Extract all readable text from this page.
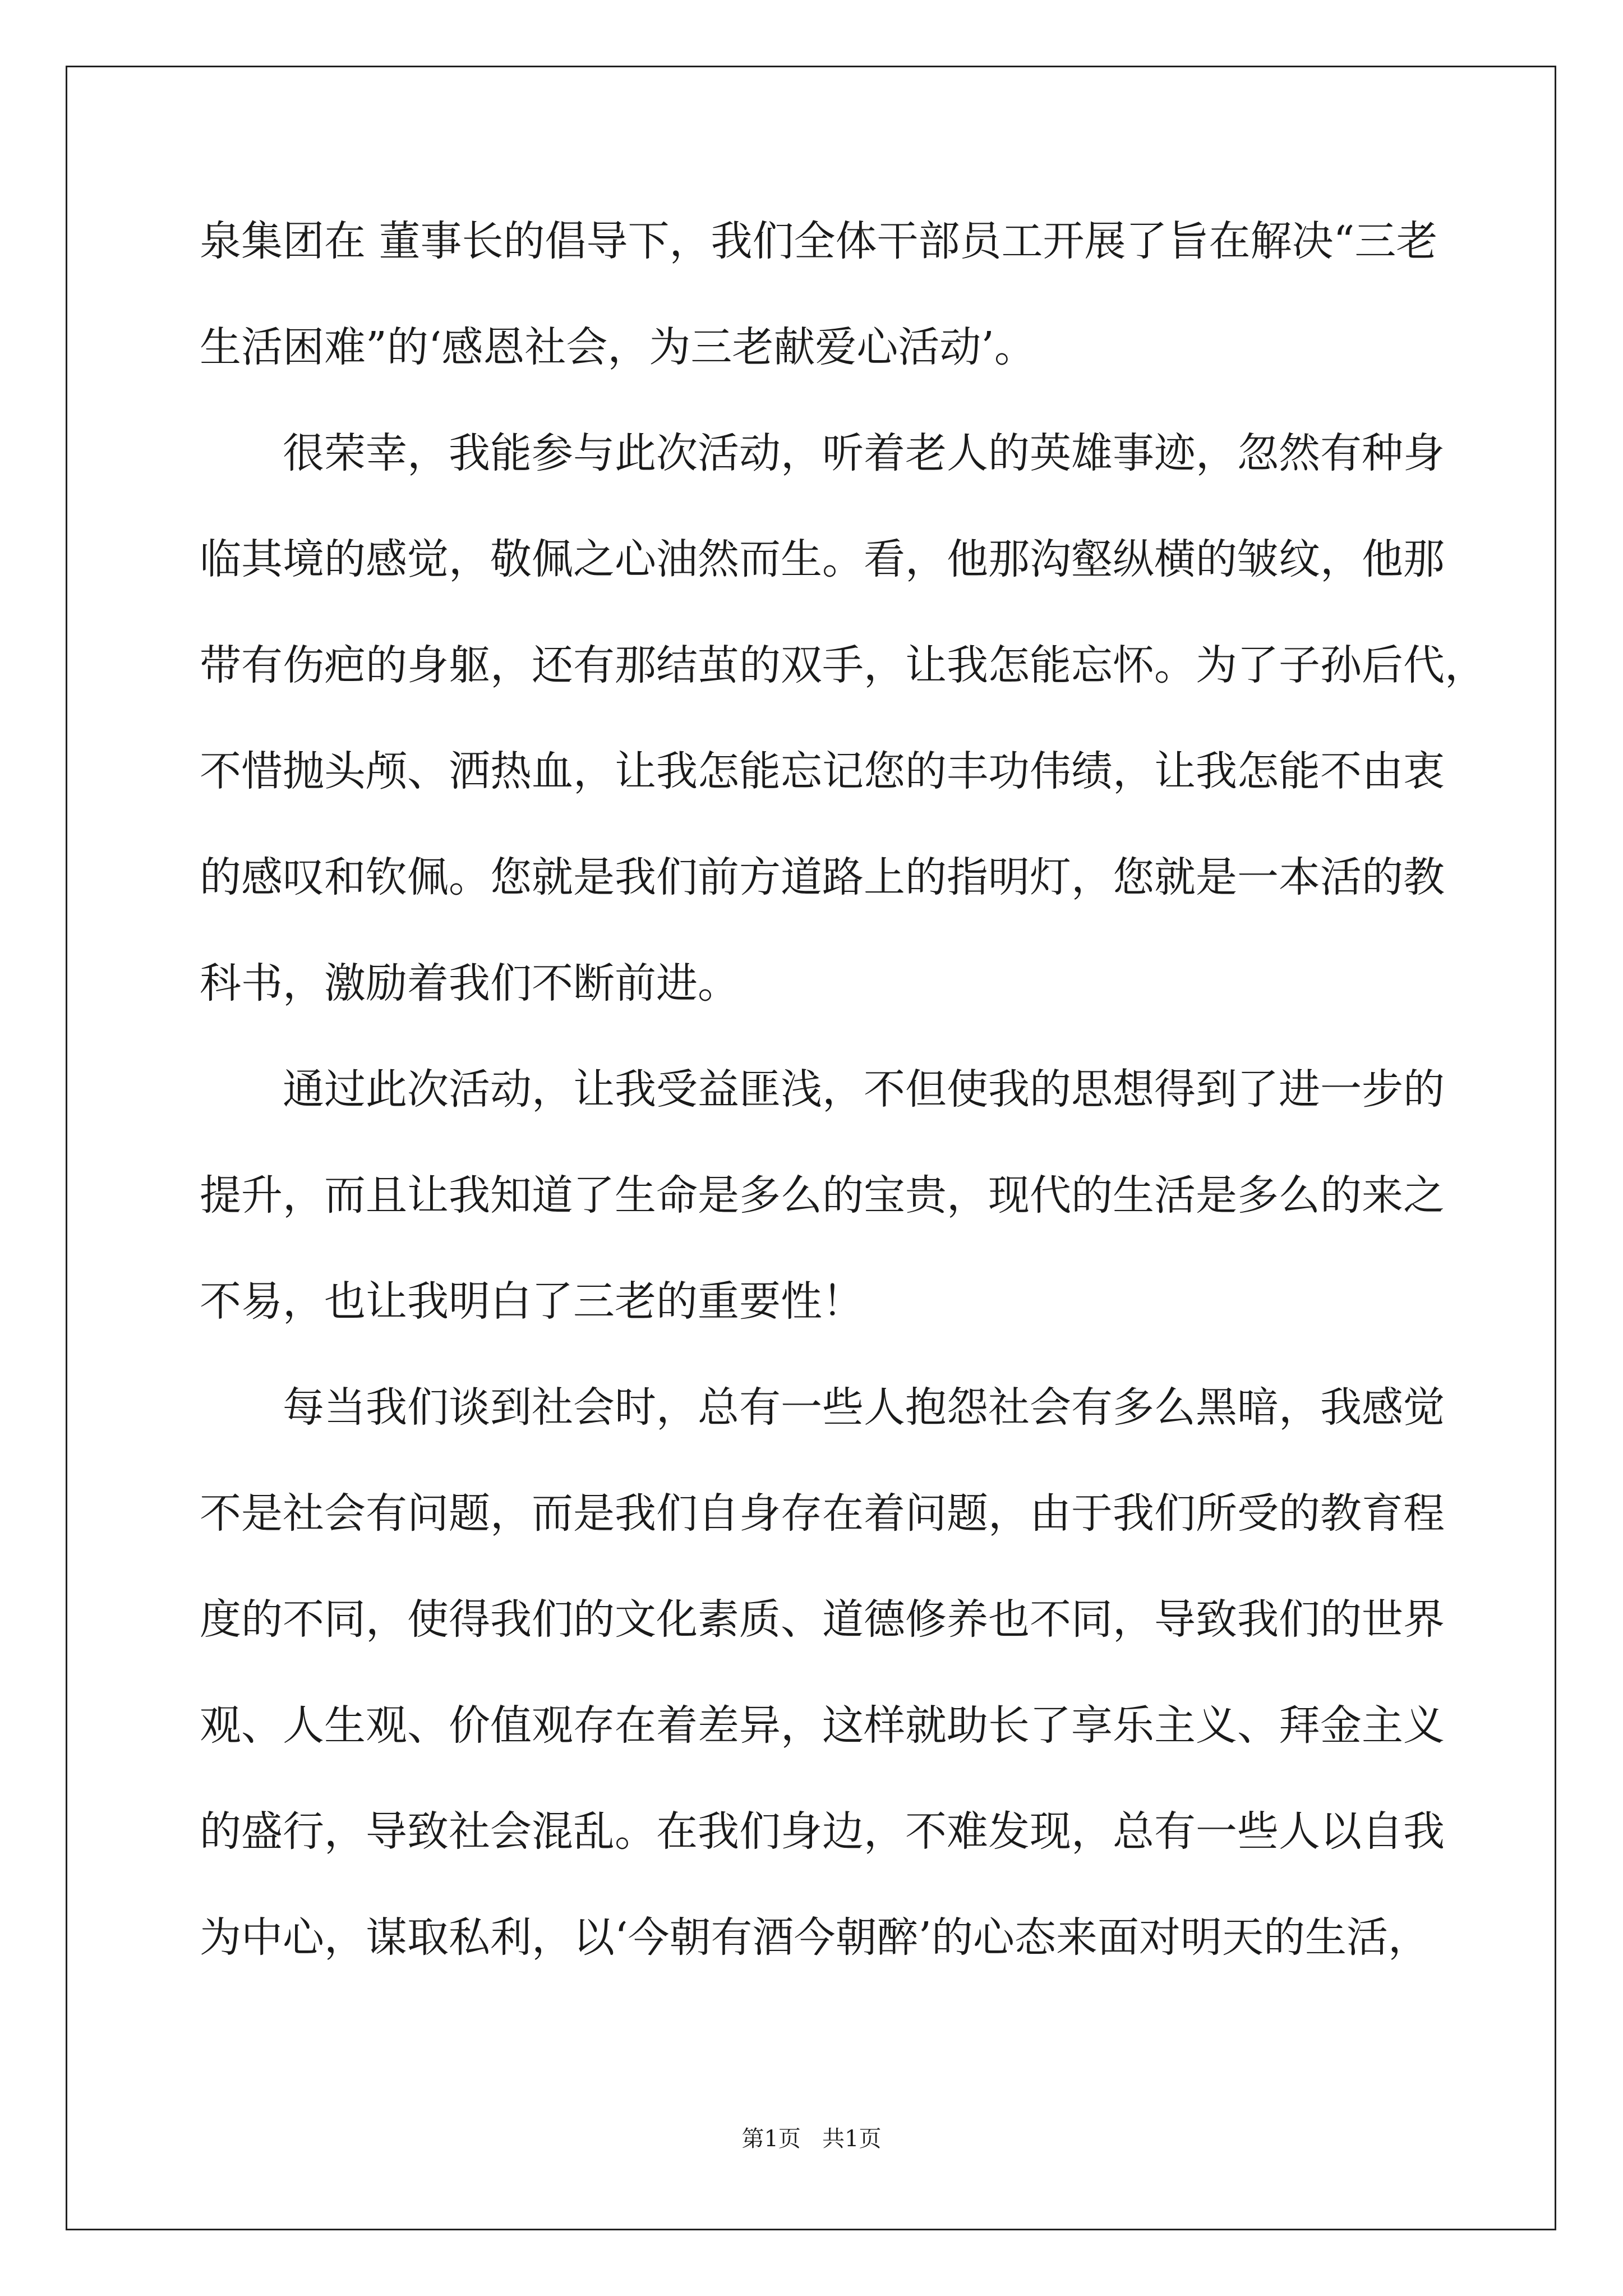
泉集团在 董事长的倡导下，我们全体干部员工开展了旨在解决“三老
生活困难”的‘感恩社会，为三老献爱心活动’。
很荣幸，我能参与此次活动，听着老人的英雄事迹，忽然有种身
临其境的感觉，敬佩之心油然而生。看，他那沟壑纵横的皱纹，他那
带有伤疤的身躯，还有那结茧的双手，让我怎能忘怀。为了子孙后代，
不惜抛头颅、洒热血，让我怎能忘记您的丰功伟绩，让我怎能不由衷
的感叹和钦佩。您就是我们前方道路上的指明灯，您就是一本活的教
科书，激励着我们不断前进。
通过此次活动，让我受益匪浅，不但使我的思想得到了进一步的
提升，而且让我知道了生命是多么的宝贵，现代的生活是多么的来之
不易，也让我明白了三老的重要性！
每当我们谈到社会时，总有一些人抱怨社会有多么黑暗，我感觉
不是社会有问题，而是我们自身存在着问题，由于我们所受的教育程
度的不同，使得我们的文化素质、道德修养也不同，导致我们的世界
观、人生观、价值观存在着差异，这样就助长了享乐主义、拜金主义
的盛行，导致社会混乱。在我们身边，不难发现，总有一些人以自我
为中心，谋取私利，以‘今朝有酒今朝醉’的心态来面对明天的生活，
第1页   共1页
